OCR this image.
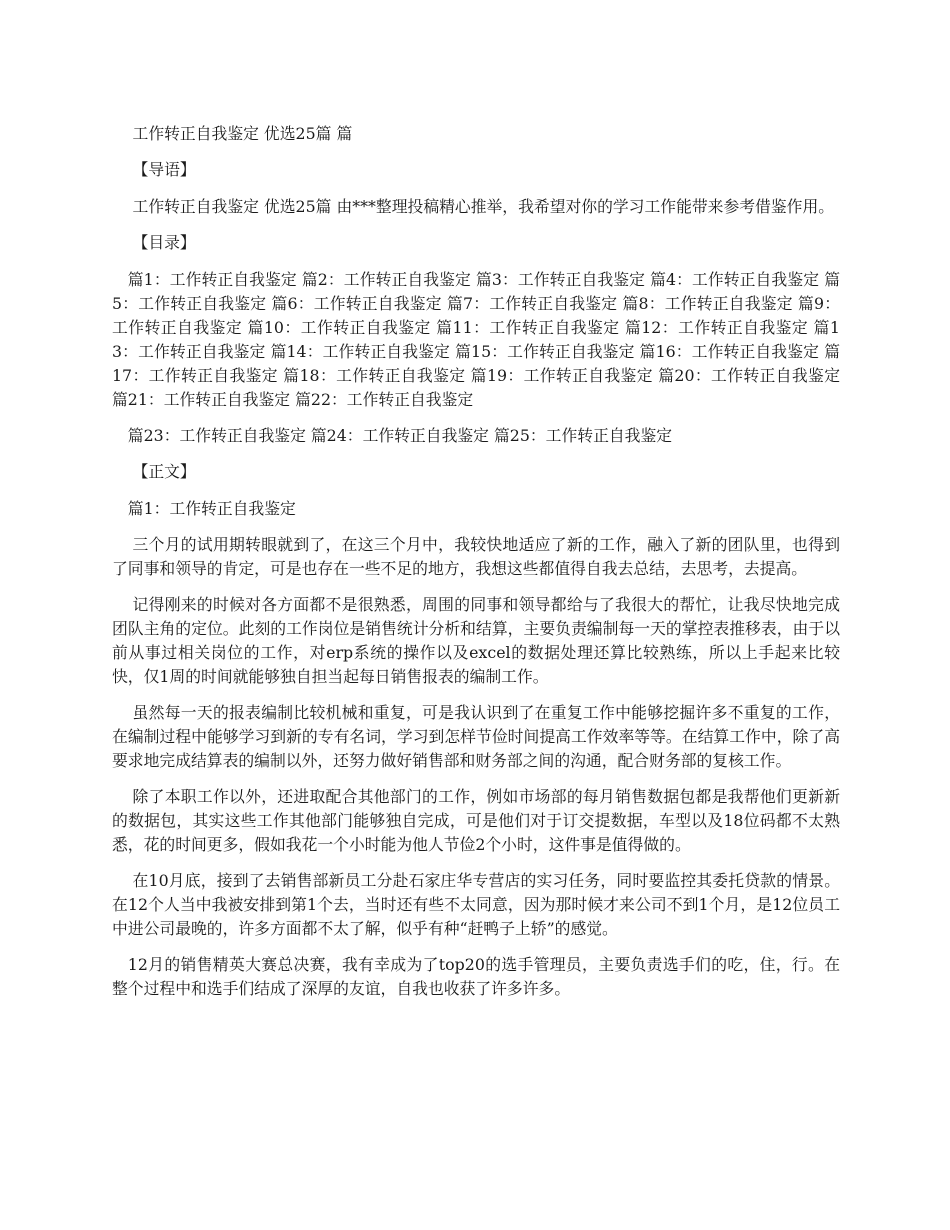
工作转正自我鉴定 优选25篇 篇

【导语】

工作转正自我鉴定 优选25篇 由***整理投稿精心推举，我希望对你的学习工作能带来参考借鉴作用。

【目录】

篇1：工作转正自我鉴定 篇2：工作转正自我鉴定 篇3：工作转正自我鉴定 篇4：工作转正自我鉴定 篇5：工作转正自我鉴定 篇6：工作转正自我鉴定 篇7：工作转正自我鉴定 篇8：工作转正自我鉴定 篇9：工作转正自我鉴定 篇10：工作转正自我鉴定 篇11：工作转正自我鉴定 篇12：工作转正自我鉴定 篇13：工作转正自我鉴定 篇14：工作转正自我鉴定 篇15：工作转正自我鉴定 篇16：工作转正自我鉴定 篇17：工作转正自我鉴定 篇18：工作转正自我鉴定 篇19：工作转正自我鉴定 篇20：工作转正自我鉴定 篇21：工作转正自我鉴定 篇22：工作转正自我鉴定

篇23：工作转正自我鉴定 篇24：工作转正自我鉴定 篇25：工作转正自我鉴定

【正文】

篇1：工作转正自我鉴定

三个月的试用期转眼就到了，在这三个月中，我较快地适应了新的工作，融入了新的团队里，也得到了同事和领导的肯定，可是也存在一些不足的地方，我想这些都值得自我去总结，去思考，去提高。

记得刚来的时候对各方面都不是很熟悉，周围的同事和领导都给与了我很大的帮忙，让我尽快地完成团队主角的定位。此刻的工作岗位是销售统计分析和结算，主要负责编制每一天的掌控表推移表，由于以前从事过相关岗位的工作，对erp系统的操作以及excel的数据处理还算比较熟练，所以上手起来比较快，仅1周的时间就能够独自担当起每日销售报表的编制工作。

虽然每一天的报表编制比较机械和重复，可是我认识到了在重复工作中能够挖掘许多不重复的工作，在编制过程中能够学习到新的专有名词，学习到怎样节俭时间提高工作效率等等。在结算工作中，除了高要求地完成结算表的编制以外，还努力做好销售部和财务部之间的沟通，配合财务部的复核工作。

除了本职工作以外，还进取配合其他部门的工作，例如市场部的每月销售数据包都是我帮他们更新新的数据包，其实这些工作其他部门能够独自完成，可是他们对于订交提数据，车型以及18位码都不太熟悉，花的时间更多，假如我花一个小时能为他人节俭2个小时，这件事是值得做的。

在10月底，接到了去销售部新员工分赴石家庄华专营店的实习任务，同时要监控其委托贷款的情景。在12个人当中我被安排到第1个去，当时还有些不太同意，因为那时候才来公司不到1个月，是12位员工中进公司最晚的，许多方面都不太了解，似乎有种“赶鸭子上轿”的感觉。

12月的销售精英大赛总决赛，我有幸成为了top20的选手管理员，主要负责选手们的吃，住，行。在整个过程中和选手们结成了深厚的友谊，自我也收获了许多许多。
